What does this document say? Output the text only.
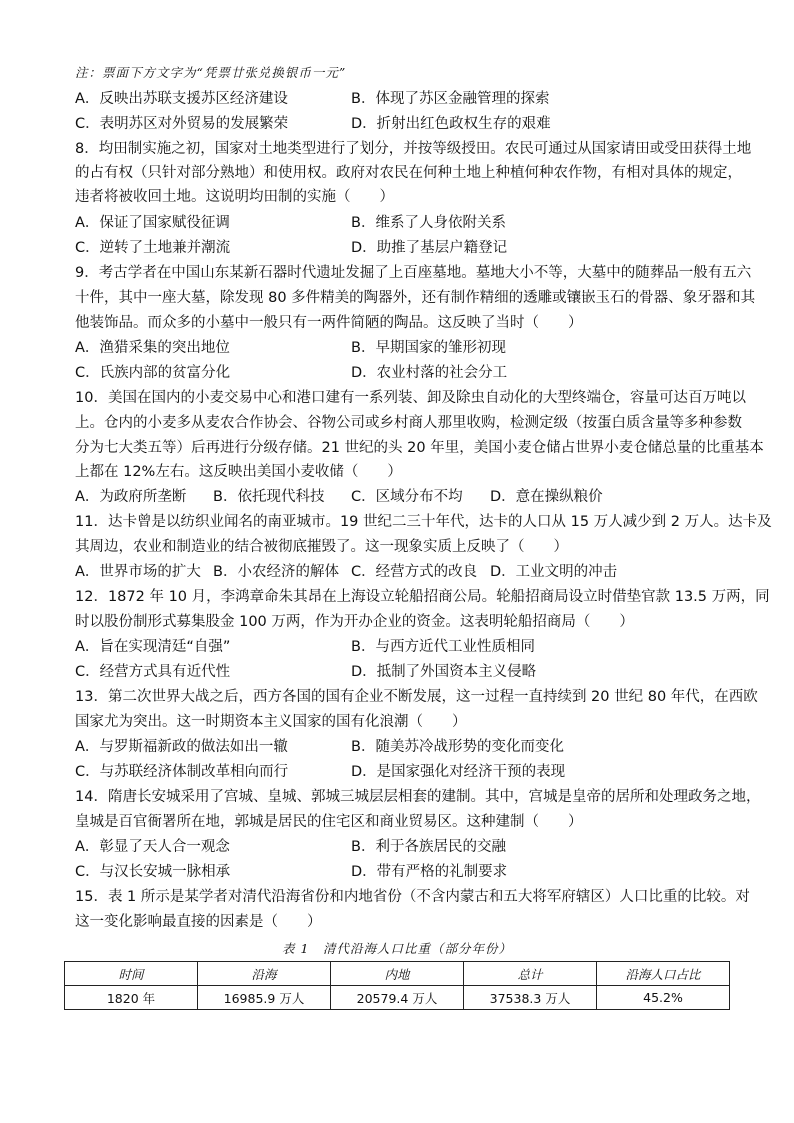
注：票面下方文字为“凭票廿张兑换银币一元”
A．反映出苏联支援苏区经济建设	B．体现了苏区金融管理的探索
C．表明苏区对外贸易的发展繁荣	D．折射出红色政权生存的艰难
8．均田制实施之初，国家对土地类型进行了划分，并按等级授田。农民可通过从国家请田或受田获得土地
的占有权（只针对部分熟地）和使用权。政府对农民在何种土地上种植何种农作物，有相对具体的规定，
违者将被收回土地。这说明均田制的实施（　　）
A．保证了国家赋役征调	B．维系了人身依附关系
C．逆转了土地兼并潮流	D．助推了基层户籍登记
9．考古学者在中国山东某新石器时代遗址发掘了上百座墓地。墓地大小不等，大墓中的随葬品一般有五六
十件，其中一座大墓，除发现 80 多件精美的陶器外，还有制作精细的透雕或镶嵌玉石的骨器、象牙器和其
他装饰品。而众多的小墓中一般只有一两件简陋的陶品。这反映了当时（　　）
A．渔猎采集的突出地位	B．早期国家的雏形初现
C．氏族内部的贫富分化	D．农业村落的社会分工
10．美国在国内的小麦交易中心和港口建有一系列装、卸及除虫自动化的大型终端仓，容量可达百万吨以
上。仓内的小麦多从麦农合作协会、谷物公司或乡村商人那里收购，检测定级（按蛋白质含量等多种参数
分为七大类五等）后再进行分级存储。21 世纪的头 20 年里，美国小麦仓储占世界小麦仓储总量的比重基本
上都在 12%左右。这反映出美国小麦收储（　　）
A．为政府所垄断 B．依托现代科技 C．区域分布不均 D．意在操纵粮价
11．达卡曾是以纺织业闻名的南亚城市。19 世纪二三十年代，达卡的人口从 15 万人减少到 2 万人。达卡及
其周边，农业和制造业的结合被彻底摧毁了。这一现象实质上反映了（　　）
A．世界市场的扩大 B．小农经济的解体 C．经营方式的改良 D．工业文明的冲击
12．1872 年 10 月，李鸿章命朱其昂在上海设立轮船招商公局。轮船招商局设立时借垫官款 13.5 万两，同
时以股份制形式募集股金 100 万两，作为开办企业的资金。这表明轮船招商局（　　）
A．旨在实现清廷“自强”	B．与西方近代工业性质相同
C．经营方式具有近代性	D．抵制了外国资本主义侵略
13．第二次世界大战之后，西方各国的国有企业不断发展，这一过程一直持续到 20 世纪 80 年代，在西欧
国家尤为突出。这一时期资本主义国家的国有化浪潮（　　）
A．与罗斯福新政的做法如出一辙	B．随美苏冷战形势的变化而变化
C．与苏联经济体制改革相向而行	D．是国家强化对经济干预的表现
14．隋唐长安城采用了宫城、皇城、郭城三城层层相套的建制。其中，宫城是皇帝的居所和处理政务之地，
皇城是百官衙署所在地，郭城是居民的住宅区和商业贸易区。这种建制（　　）
A．彰显了天人合一观念	B．利于各族居民的交融
C．与汉长安城一脉相承	D．带有严格的礼制要求
15．表 1 所示是某学者对清代沿海省份和内地省份（不含内蒙古和五大将军府辖区）人口比重的比较。对
这一变化影响最直接的因素是（　　）
表 1　清代沿海人口比重（部分年份）
时间	沿海	内地	总计	沿海人口占比
1820 年	16985.9 万人	20579.4 万人	37538.3 万人	45.2%
